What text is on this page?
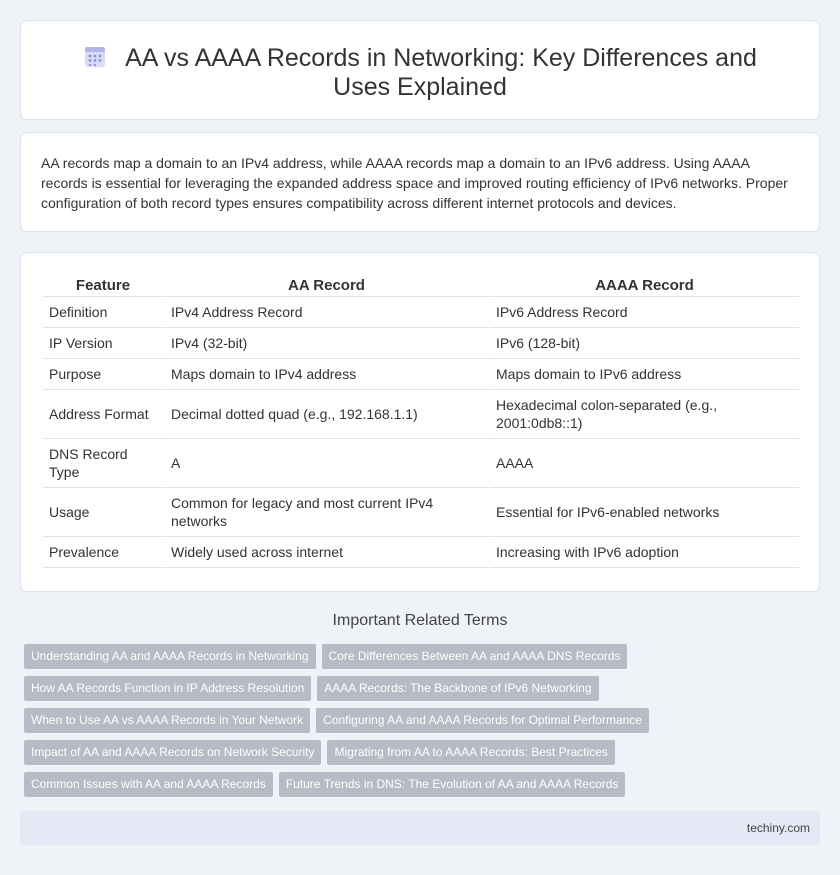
AA vs AAAA Records in Networking: Key Differences and Uses Explained

AA records map a domain to an IPv4 address, while AAAA records map a domain to an IPv6 address. Using AAAA records is essential for leveraging the expanded address space and improved routing efficiency of IPv6 networks. Proper configuration of both record types ensures compatibility across different internet protocols and devices.

Feature	AA Record	AAAA Record
Definition	IPv4 Address Record	IPv6 Address Record
IP Version	IPv4 (32-bit)	IPv6 (128-bit)
Purpose	Maps domain to IPv4 address	Maps domain to IPv6 address
Address Format	Decimal dotted quad (e.g., 192.168.1.1)	Hexadecimal colon-separated (e.g., 2001:0db8::1)
DNS Record Type	A	AAAA
Usage	Common for legacy and most current IPv4 networks	Essential for IPv6-enabled networks
Prevalence	Widely used across internet	Increasing with IPv6 adoption
Important Related Terms
Understanding AA and AAAA Records in Networking Core Differences Between AA and AAAA DNS Records
How AA Records Function in IP Address Resolution AAAA Records: The Backbone of IPv6 Networking
When to Use AA vs AAAA Records in Your Network Configuring AA and AAAA Records for Optimal Performance
Impact of AA and AAAA Records on Network Security Migrating from AA to AAAA Records: Best Practices
Common Issues with AA and AAAA Records Future Trends in DNS: The Evolution of AA and AAAA Records
techiny.com
